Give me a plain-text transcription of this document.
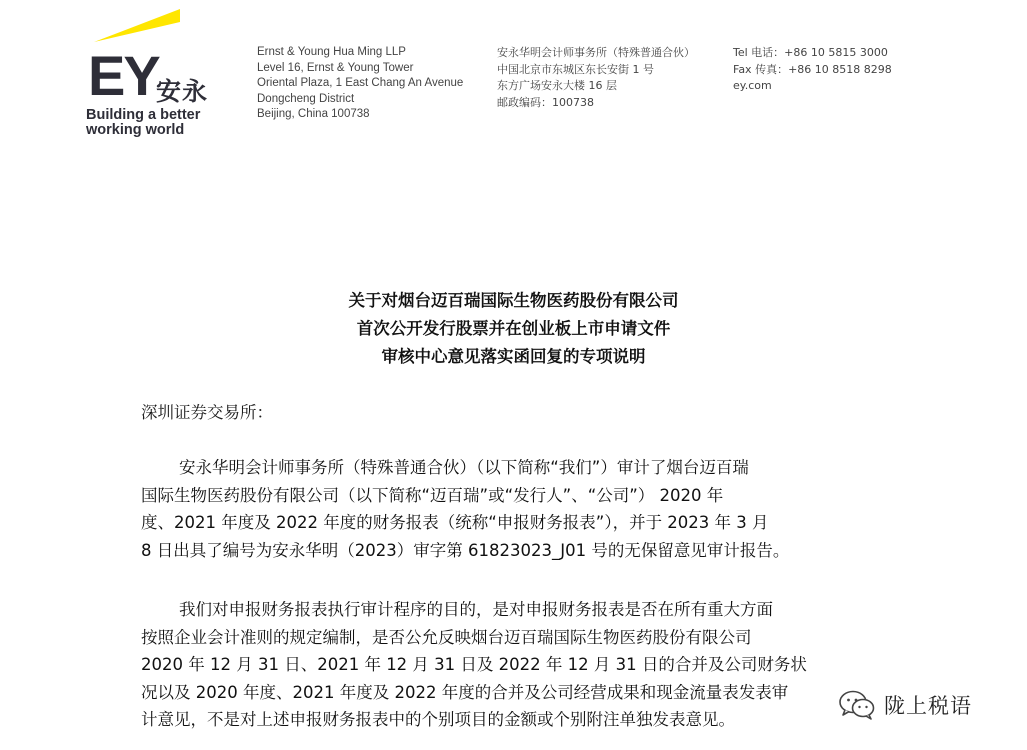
EY
安永
Building a better
working world
Ernst & Young Hua Ming LLP
Level 16, Ernst & Young Tower
Oriental Plaza, 1 East Chang An Avenue
Dongcheng District
Beijing, China 100738
安永华明会计师事务所（特殊普通合伙）
中国北京市东城区东长安街 1 号
东方广场安永大楼 16 层
邮政编码：100738
Tel 电话：+86 10 5815 3000
Fax 传真：+86 10 8518 8298
ey.com
关于对烟台迈百瑞国际生物医药股份有限公司
首次公开发行股票并在创业板上市申请文件
审核中心意见落实函回复的专项说明
深圳证券交易所：
安永华明会计师事务所（特殊普通合伙）（以下简称“我们”）审计了烟台迈百瑞
国际生物医药股份有限公司（以下简称“迈百瑞”或“发行人”、“公司”） 2020 年
度、2021 年度及 2022 年度的财务报表（统称“申报财务报表”），并于 2023 年 3 月
8 日出具了编号为安永华明（2023）审字第 61823023_J01 号的无保留意见审计报告。
我们对申报财务报表执行审计程序的目的，是对申报财务报表是否在所有重大方面
按照企业会计准则的规定编制，是否公允反映烟台迈百瑞国际生物医药股份有限公司
2020 年 12 月 31 日、2021 年 12 月 31 日及 2022 年 12 月 31 日的合并及公司财务状
况以及 2020 年度、2021 年度及 2022 年度的合并及公司经营成果和现金流量表发表审
计意见，不是对上述申报财务报表中的个别项目的金额或个别附注单独发表意见。
陇上税语
